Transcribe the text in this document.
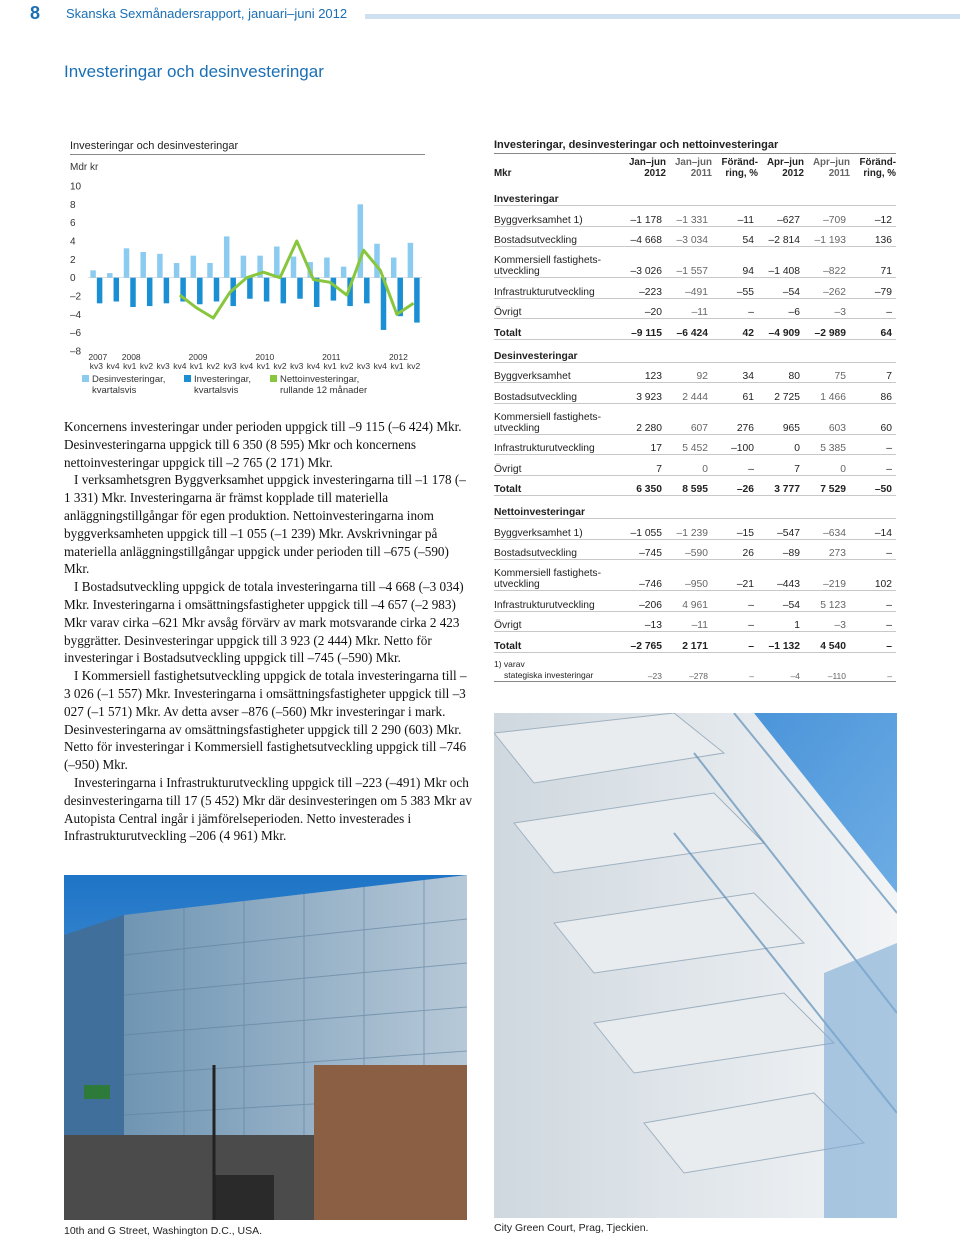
8 Skanska Sexmånadersrapport, januari–juni 2012
Investeringar och desinvesteringar
Investeringar och desinvesteringar
Mdr kr
10
8
6
4
2
0
–2
–4
–6
–8 2007 2008	2009	2010	2011	2012
kv3 kv4 kv1 kv2 kv3 kv4 kv1 kv2 kv3 kv4 kv1 kv2 kv3 kv4 kv1 kv2 kv3 kv4 kv1 kv2
Desinvesteringar,
kvartalsvis
Investeringar,
kvartalsvis
Nettoinvesteringar,
rullande 12 månader

Koncernens investeringar under perioden uppgick till –9 115 (–6 424) Mkr. Desinvesteringarna uppgick till 6 350 (8 595) Mkr och koncernens nettoinvesteringar uppgick till –2 765 (2 171) Mkr.

I verksamhetsgren Byggverksamhet uppgick investeringarna till –1 178 (–1 331) Mkr. Investeringarna är främst kopplade till materiella anläggningstillgångar för egen produktion. Nettoinvesteringarna inom byggverksamheten uppgick till –1 055 (–1 239) Mkr. Avskrivningar på materiella anläggningstillgångar uppgick under perioden till –675 (–590) Mkr.

I Bostadsutveckling uppgick de totala investeringarna till –4 668 (–3 034) Mkr. Investeringarna i omsättningsfastigheter uppgick till –4 657 (–2 983) Mkr varav cirka –621 Mkr avsåg förvärv av mark motsvarande cirka 2 423 byggrätter. Desinvesteringar uppgick till 3 923 (2 444) Mkr. Netto för investeringar i Bostadsutveckling uppgick till –745 (–590) Mkr.

I Kommersiell fastighetsutveckling uppgick de totala investeringarna till –3 026 (–1 557) Mkr. Investeringarna i omsättningsfastigheter uppgick till –3 027 (–1 571) Mkr. Av detta avser –876 (–560) Mkr investeringar i mark. Desinvesteringarna av omsättningsfastigheter uppgick till 2 290 (603) Mkr. Netto för investeringar i Kommersiell fastighetsutveckling uppgick till –746 (–950) Mkr.

Investeringarna i Infrastrukturutveckling uppgick till –223 (–491) Mkr och desinvesteringarna till 17 (5 452) Mkr där desinvesteringen om 5 383 Mkr av Autopista Central ingår i jämförelseperioden. Netto investerades i Infrastrukturutveckling –206 (4 961) Mkr.

Investeringar, desinvesteringar och nettoinvesteringar
Mkr	Jan–jun 2012	Jan–jun 2011	Föränd-ring, %	Apr–jun 2012	Apr–jun 2011	Föränd-ring, %
Investeringar						
Byggverksamhet 1)	–1 178	–1 331	–11	–627	–709	–12
Bostadsutveckling	–4 668	–3 034	54	–2 814	–1 193	136
Kommersiell fastighets-
utveckling	–3 026	–1 557	94	–1 408	–822	71
Infrastrukturutveckling	–223	–491	–55	–54	–262	–79
Övrigt	–20	–11	–	–6	–3	–
Totalt	–9 115	–6 424	42	–4 909	–2 989	64
Desinvesteringar						
Byggverksamhet	123	92	34	80	75	7
Bostadsutveckling	3 923	2 444	61	2 725	1 466	86
Kommersiell fastighets-
utveckling	2 280	607	276	965	603	60
Infrastrukturutveckling	17	5 452	–100	0	5 385	–
Övrigt	7	0	–	7	0	–
Totalt	6 350	8 595	–26	3 777	7 529	–50
Nettoinvesteringar						
Byggverksamhet 1)	–1 055	–1 239	–15	–547	–634	–14
Bostadsutveckling	–745	–590	26	–89	273	–
Kommersiell fastighets-
utveckling	–746	–950	–21	–443	–219	102
Infrastrukturutveckling	–206	4 961	–	–54	5 123	–
Övrigt	–13	–11	–	1	–3	–
Totalt	–2 765	2 171	–	–1 132	4 540	–
1) varav
stategiska investeringar	–23	–278	–	–4	–110	–
10th and G Street, Washington D.C., USA.	City Green Court, Prag, Tjeckien.
